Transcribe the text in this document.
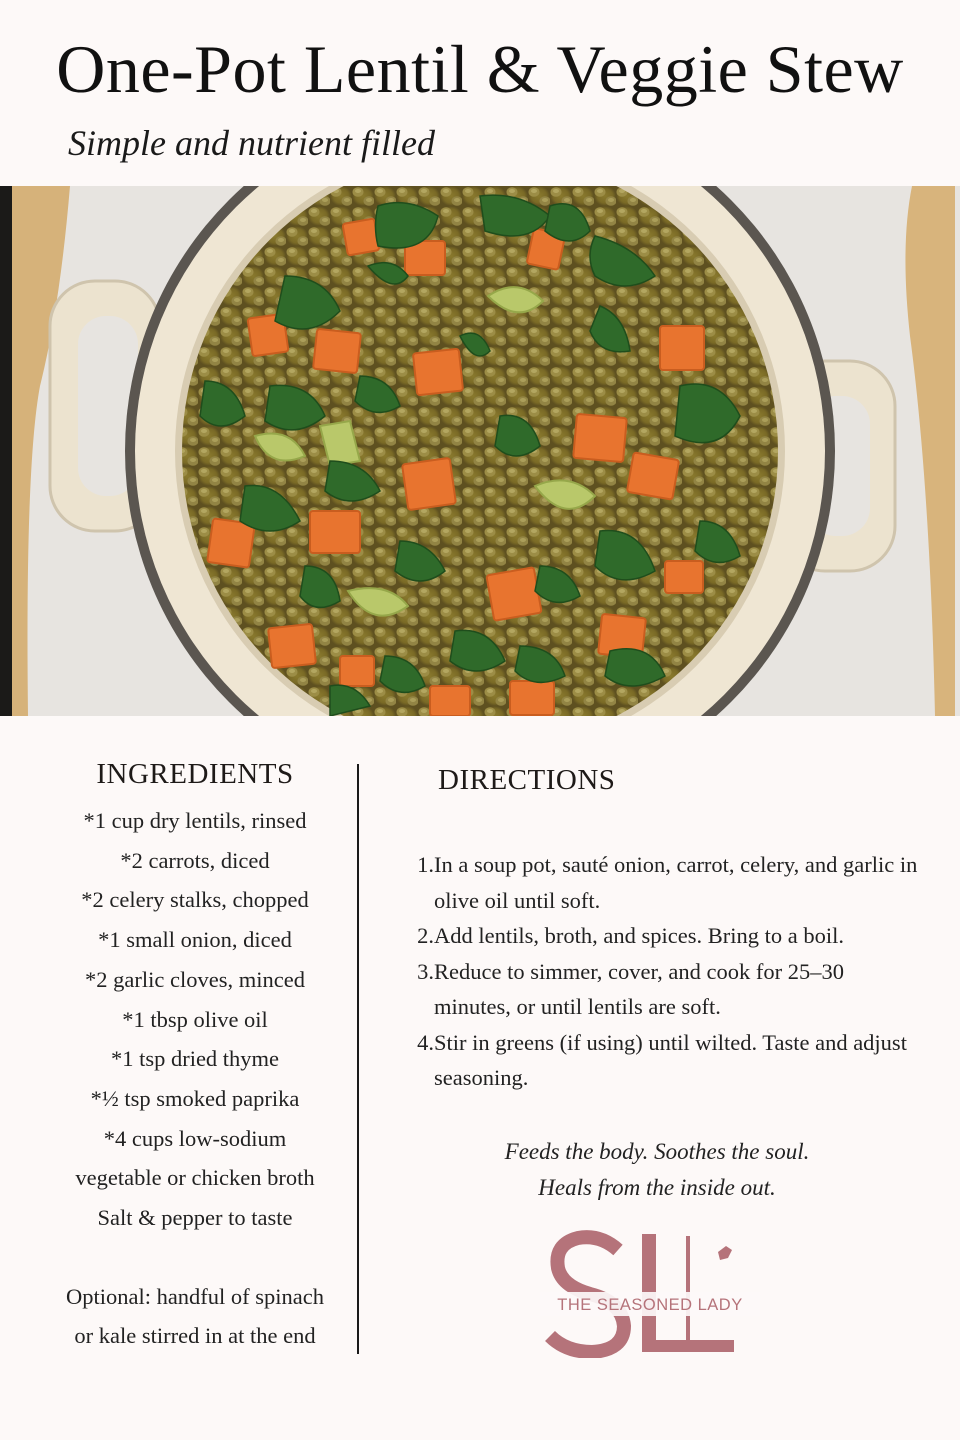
One-Pot Lentil & Veggie Stew
Simple and nutrient filled
INGREDIENTS
*1 cup dry lentils, rinsed
*2 carrots, diced
*2 celery stalks, chopped
*1 small onion, diced
*2 garlic cloves, minced
*1 tbsp olive oil
*1 tsp dried thyme
*½ tsp smoked paprika
*4 cups low-sodium
vegetable or chicken broth
Salt & pepper to taste
Optional: handful of spinach
or kale stirred in at the end
DIRECTIONS
1. In a soup pot, sauté onion, carrot, celery, and garlic in olive oil until soft.
2. Add lentils, broth, and spices. Bring to a boil.
3. Reduce to simmer, cover, and cook for 25–30 minutes, or until lentils are soft.
4. Stir in greens (if using) until wilted. Taste and adjust seasoning.
Feeds the body. Soothes the soul.
Heals from the inside out.
THE SEASONED LADY
